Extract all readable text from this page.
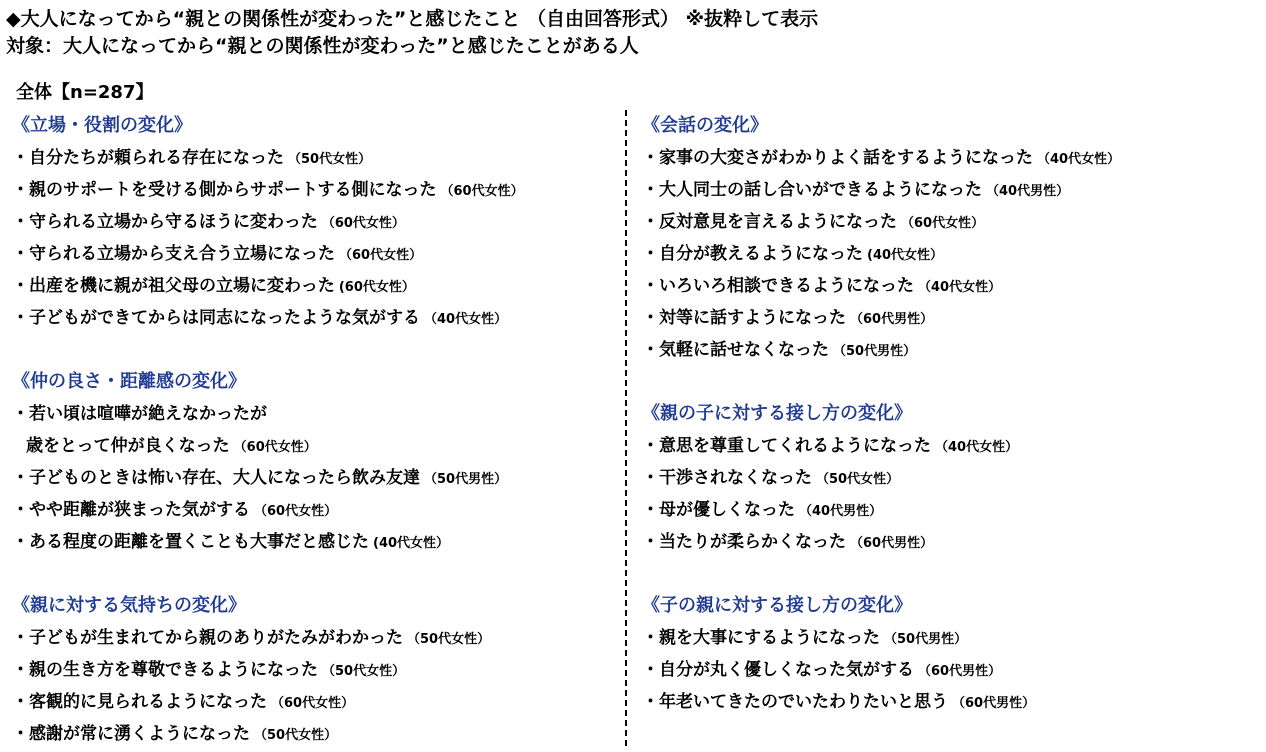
◆大人になってから“親との関係性が変わった”と感じたこと （自由回答形式） ※抜粋して表示
対象：大人になってから“親との関係性が変わった”と感じたことがある人
全体【n=287】
《立場・役割の変化》
・自分たちが頼られる存在になった （50代女性）
・親のサポートを受ける側からサポートする側になった （60代女性）
・守られる立場から守るほうに変わった （60代女性）
・守られる立場から支え合う立場になった （60代女性）
・出産を機に親が祖父母の立場に変わった (60代女性）
・子どもができてからは同志になったような気がする （40代女性）
《仲の良さ・距離感の変化》
・若い頃は喧嘩が絶えなかったが
歳をとって仲が良くなった （60代女性）
・子どものときは怖い存在、大人になったら飲み友達 （50代男性）
・やや距離が狭まった気がする （60代女性）
・ある程度の距離を置くことも大事だと感じた (40代女性）
《親に対する気持ちの変化》
・子どもが生まれてから親のありがたみがわかった （50代女性）
・親の生き方を尊敬できるようになった （50代女性）
・客観的に見られるようになった （60代女性）
・感謝が常に湧くようになった （50代女性）
《会話の変化》
・家事の大変さがわかりよく話をするようになった （40代女性）
・大人同士の話し合いができるようになった （40代男性）
・反対意見を言えるようになった （60代女性）
・自分が教えるようになった (40代女性）
・いろいろ相談できるようになった （40代女性）
・対等に話すようになった （60代男性）
・気軽に話せなくなった （50代男性）
《親の子に対する接し方の変化》
・意思を尊重してくれるようになった （40代女性）
・干渉されなくなった （50代女性）
・母が優しくなった （40代男性）
・当たりが柔らかくなった （60代男性）
《子の親に対する接し方の変化》
・親を大事にするようになった （50代男性）
・自分が丸く優しくなった気がする （60代男性）
・年老いてきたのでいたわりたいと思う （60代男性）
